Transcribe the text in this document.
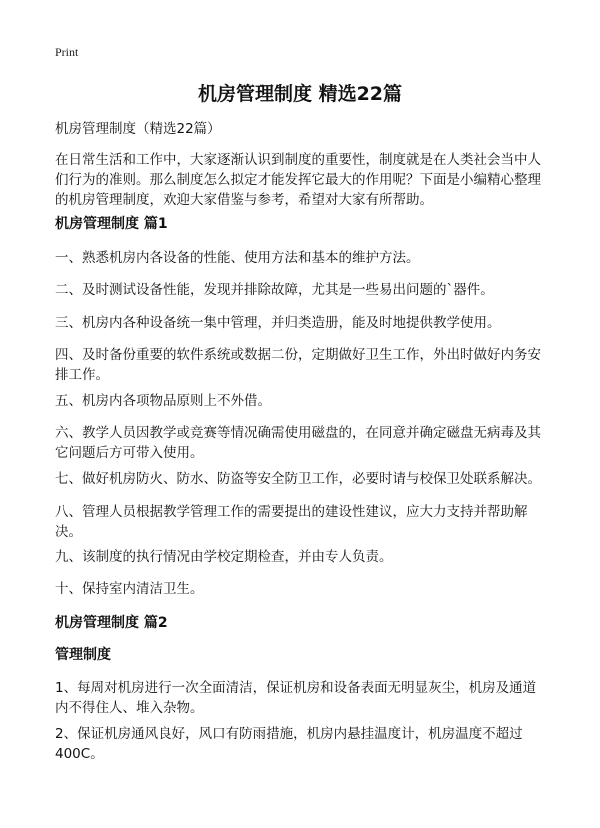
Print
机房管理制度 精选22篇

机房管理制度（精选22篇）

在日常生活和工作中，大家逐渐认识到制度的重要性，制度就是在人类社会当中人
们行为的准则。那么制度怎么拟定才能发挥它最大的作用呢？下面是小编精心整理
的机房管理制度，欢迎大家借鉴与参考，希望对大家有所帮助。

机房管理制度 篇1

一、熟悉机房内各设备的性能、使用方法和基本的维护方法。

二、及时测试设备性能，发现并排除故障，尤其是一些易出问题的`器件。

三、机房内各种设备统一集中管理，并归类造册，能及时地提供教学使用。

四、及时备份重要的软件系统或数据二份，定期做好卫生工作，外出时做好内务安
排工作。

五、机房内各项物品原则上不外借。

六、教学人员因教学或竞赛等情况确需使用磁盘的，在同意并确定磁盘无病毒及其
它问题后方可带入使用。

七、做好机房防火、防水、防盗等安全防卫工作，必要时请与校保卫处联系解决。

八、管理人员根据教学管理工作的需要提出的建设性建议，应大力支持并帮助解决。

九、该制度的执行情况由学校定期检查，并由专人负责。

十、保持室内清洁卫生。

机房管理制度 篇2
管理制度

1、每周对机房进行一次全面清洁，保证机房和设备表面无明显灰尘，机房及通道
内不得住人、堆入杂物。

2、保证机房通风良好，风口有防雨措施，机房内悬挂温度计，机房温度不超过
400C。
